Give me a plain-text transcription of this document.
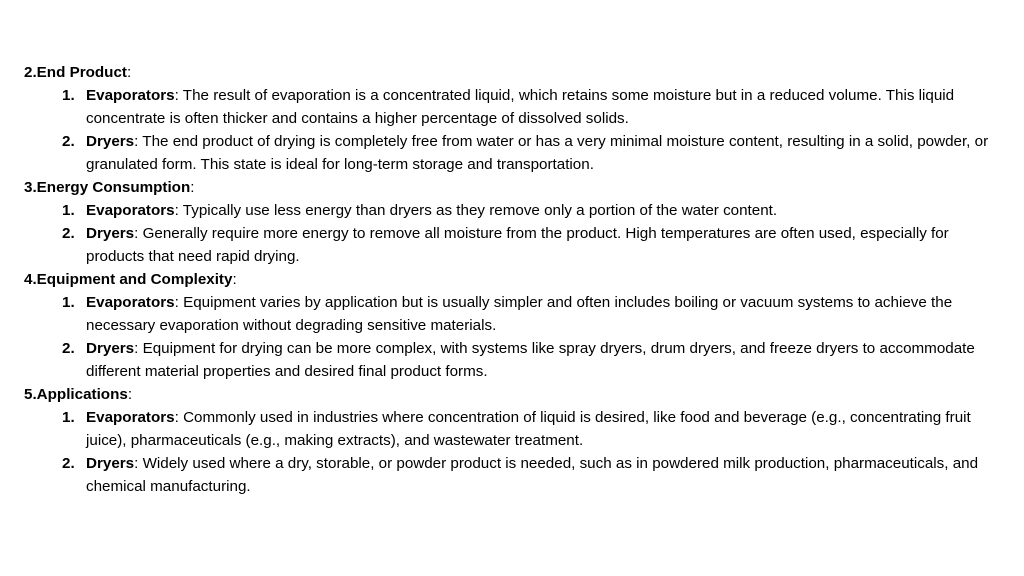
2.End Product:
1. Evaporators: The result of evaporation is a concentrated liquid, which retains some moisture but in a reduced volume. This liquid concentrate is often thicker and contains a higher percentage of dissolved solids.
2. Dryers: The end product of drying is completely free from water or has a very minimal moisture content, resulting in a solid, powder, or granulated form. This state is ideal for long-term storage and transportation.
3.Energy Consumption:
1. Evaporators: Typically use less energy than dryers as they remove only a portion of the water content.
2. Dryers: Generally require more energy to remove all moisture from the product. High temperatures are often used, especially for products that need rapid drying.
4.Equipment and Complexity:
1. Evaporators: Equipment varies by application but is usually simpler and often includes boiling or vacuum systems to achieve the necessary evaporation without degrading sensitive materials.
2. Dryers: Equipment for drying can be more complex, with systems like spray dryers, drum dryers, and freeze dryers to accommodate different material properties and desired final product forms.
5.Applications:
1. Evaporators: Commonly used in industries where concentration of liquid is desired, like food and beverage (e.g., concentrating fruit juice), pharmaceuticals (e.g., making extracts), and wastewater treatment.
2. Dryers: Widely used where a dry, storable, or powder product is needed, such as in powdered milk production, pharmaceuticals, and chemical manufacturing.
